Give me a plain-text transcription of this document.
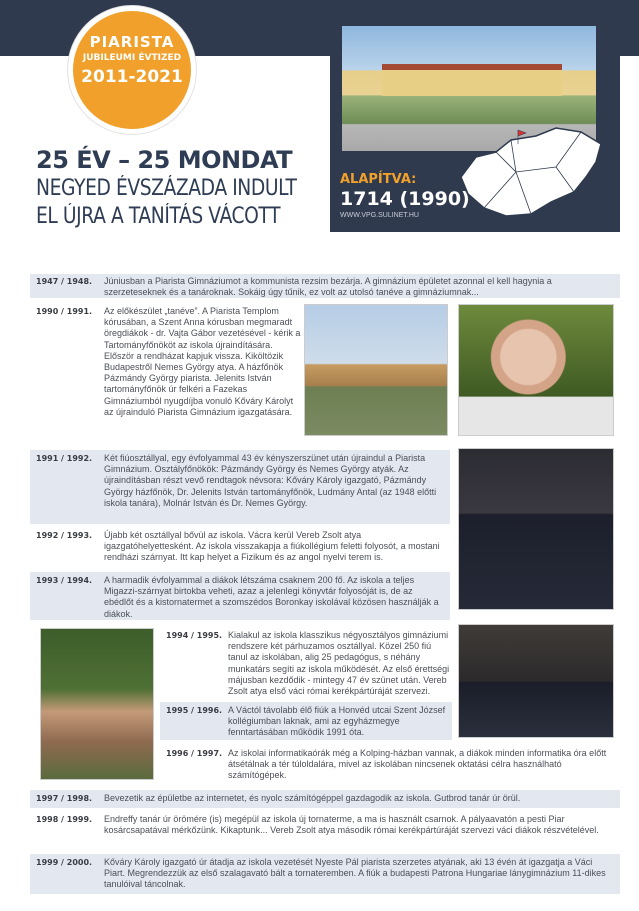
PIARISTA
JUBILEUMI ÉVTIZED
2011-2021
25 ÉV – 25 MONDAT
NEGYED ÉVSZÁZADA INDULT
EL ÚJRA A TANÍTÁS VÁCOTT
ALAPÍTVA:
1714 (1990)
WWW.VPG.SULINET.HU
1947 / 1948. Júniusban a Piarista Gimnáziumot a kommunista rezsim bezárja. A gimnázium épületet azonnal el kell hagynia a szerzeteseknek és a tanároknak. Sokáig úgy tűnik, ez volt az utolsó tanéve a gimnáziumnak...
1990 / 1991. Az előkészület „tanéve”. A Piarista Templom kórusában, a Szent Anna kórusban megmaradt öregdiákok - dr. Vajta Gábor vezetésével - kérik a Tartományfőnököt az iskola újraindítására. Először a rendházat kapjuk vissza. Kiköltözik Budapestről Nemes György atya. A házfőnök Pázmándy György piarista. Jelenits István tartományfőnök úr felkéri a Fazekas Gimnáziumból nyugdíjba vonuló Kőváry Károlyt az újrainduló Piarista Gimnázium igazgatására.
1991 / 1992. Két fiúosztállyal, egy évfolyammal 43 év kényszerszünet után újraindul a Piarista Gimnázium. Osztályfőnökök: Pázmándy György és Nemes György atyák. Az újraindításban részt vevő rendtagok névsora: Kőváry Károly igazgató, Pázmándy György házfőnök, Dr. Jelenits István tartományfőnök, Ludmány Antal (az 1948 előtti iskola tanára), Molnár István és Dr. Nemes György.
1992 / 1993. Újabb két osztállyal bővül az iskola. Vácra kerül Vereb Zsolt atya igazgatóhelyettesként. Az iskola visszakapja a fiúkollégium feletti folyosót, a mostani rendházi szárnyat. Itt kap helyet a Fizikum és az angol nyelvi terem is.
1993 / 1994. A harmadik évfolyammal a diákok létszáma csaknem 200 fő. Az iskola a teljes Migazzi-szárnyat birtokba veheti, azaz a jelenlegi könyvtár folyosóját is, de az ebédlőt és a kistornatermet a szomszédos Boronkay iskolával közösen használják a diákok.
1994 / 1995. Kialakul az iskola klasszikus négyosztályos gimnáziumi rendszere két párhuzamos osztállyal. Közel 250 fiú tanul az iskolában, alig 25 pedagógus, s néhány munkatárs segíti az iskola működését. Az első érettségi májusban kezdődik - mintegy 47 év szünet után. Vereb Zsolt atya első váci római kerékpártúráját szervezi.
1995 / 1996. A Váctól távolabb élő fiúk a Honvéd utcai Szent József kollégiumban laknak, ami az egyházmegye fenntartásában működik 1991 óta.
1996 / 1997. Az iskolai informatikaórák még a Kolping-házban vannak, a diákok minden informatika óra előtt átsétálnak a tér túloldalára, mivel az iskolában nincsenek oktatási célra használható számítógépek.
1997 / 1998. Bevezetik az épületbe az internetet, és nyolc számítógéppel gazdagodik az iskola. Gutbrod tanár úr örül.
1998 / 1999. Endreffy tanár úr örömére (is) megépül az iskola új tornaterme, a ma is használt csarnok. A pályaavatón a pesti Piar kosárcsapatával mérkőzünk. Kikaptunk... Vereb Zsolt atya második római kerékpártúráját szervezi váci diákok részvételével.
1999 / 2000. Kőváry Károly igazgató úr átadja az iskola vezetését Nyeste Pál piarista szerzetes atyának, aki 13 évén át igazgatja a Váci Piart. Megrendezzük az első szalagavató bált a tornateremben. A fiúk a budapesti Patrona Hungariae lánygimnázium 11-dikes tanulóival táncolnak.
